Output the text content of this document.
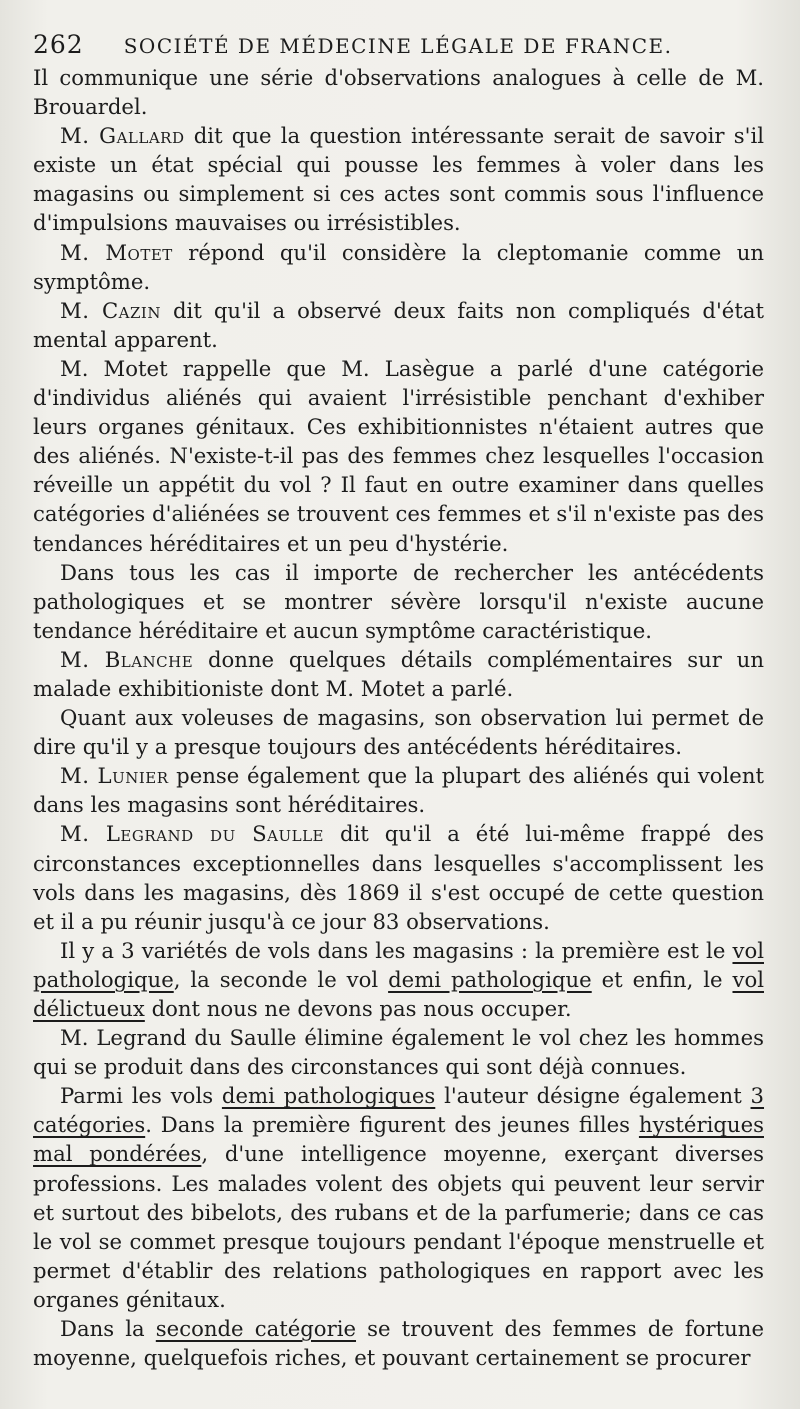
262 SOCIÉTÉ DE MÉDECINE LÉGALE DE FRANCE.

Il communique une série d'observations analogues à celle de M. Brouardel.

M. Gallard dit que la question intéressante serait de savoir s'il existe un état spécial qui pousse les femmes à voler dans les magasins ou simplement si ces actes sont commis sous l'influence d'impulsions mauvaises ou irrésistibles.

M. Motet répond qu'il considère la cleptomanie comme un symptôme.

M. Cazin dit qu'il a observé deux faits non compliqués d'état mental apparent.

M. Motet rappelle que M. Lasègue a parlé d'une catégorie d'individus aliénés qui avaient l'irrésistible penchant d'exhiber leurs organes génitaux. Ces exhibitionnistes n'étaient autres que des aliénés. N'existe-t-il pas des femmes chez lesquelles l'occasion réveille un appétit du vol ? Il faut en outre examiner dans quelles catégories d'aliénées se trouvent ces femmes et s'il n'existe pas des tendances héréditaires et un peu d'hystérie.

Dans tous les cas il importe de rechercher les antécédents pathologiques et se montrer sévère lorsqu'il n'existe aucune tendance héréditaire et aucun symptôme caractéristique.

M. Blanche donne quelques détails complémentaires sur un malade exhibitioniste dont M. Motet a parlé.

Quant aux voleuses de magasins, son observation lui permet de dire qu'il y a presque toujours des antécédents héréditaires.

M. Lunier pense également que la plupart des aliénés qui volent dans les magasins sont héréditaires.

M. Legrand du Saulle dit qu'il a été lui-même frappé des circonstances exceptionnelles dans lesquelles s'accomplissent les vols dans les magasins, dès 1869 il s'est occupé de cette question et il a pu réunir jusqu'à ce jour 83 observations.

Il y a 3 variétés de vols dans les magasins : la première est le vol pathologique, la seconde le vol demi pathologique et enfin, le vol délictueux dont nous ne devons pas nous occuper.

M. Legrand du Saulle élimine également le vol chez les hommes qui se produit dans des circonstances qui sont déjà connues.

Parmi les vols demi pathologiques l'auteur désigne également 3 catégories. Dans la première figurent des jeunes filles hystériques mal pondérées, d'une intelligence moyenne, exerçant diverses professions. Les malades volent des objets qui peuvent leur servir et surtout des bibelots, des rubans et de la parfumerie; dans ce cas le vol se commet presque toujours pendant l'époque menstruelle et permet d'établir des relations pathologiques en rapport avec les organes génitaux.

Dans la seconde catégorie se trouvent des femmes de fortune moyenne, quelquefois riches, et pouvant certainement se procurer
